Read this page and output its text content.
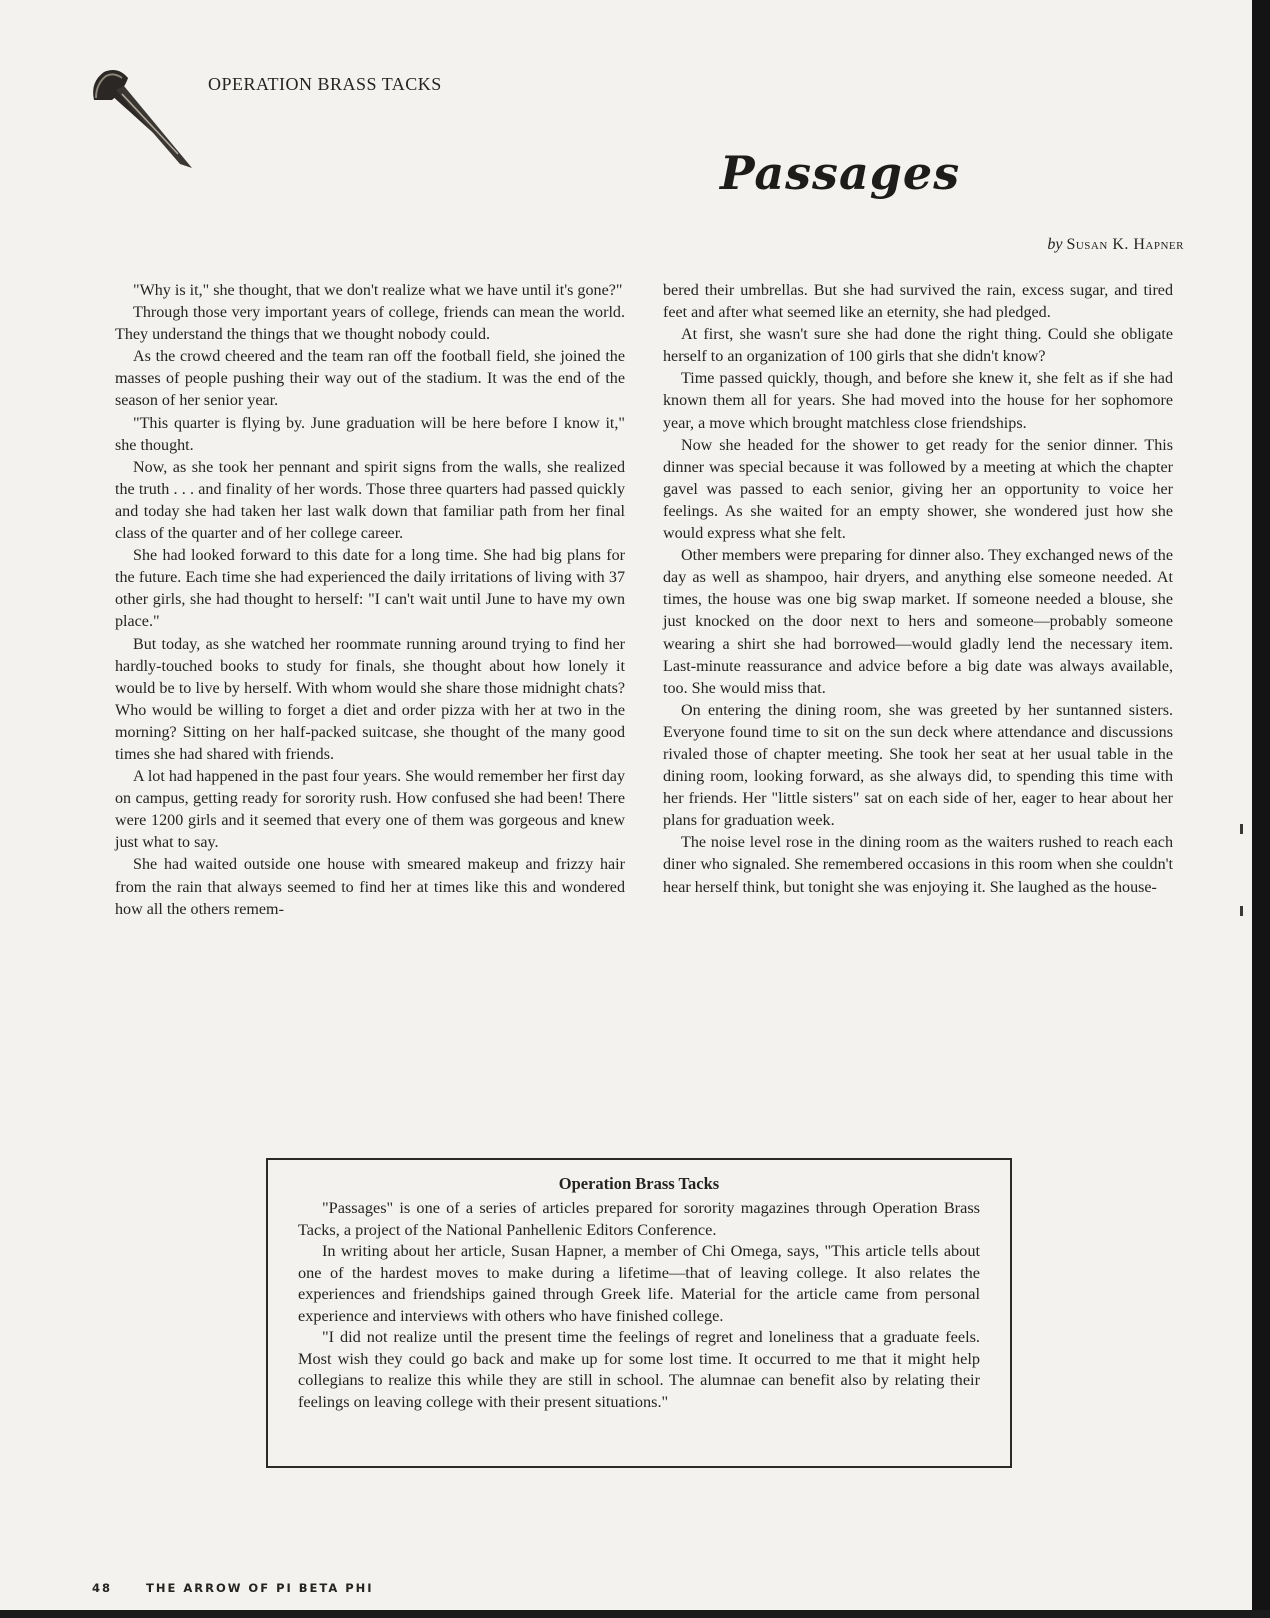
OPERATION BRASS TACKS
Passages
by Susan K. Hapner

"Why is it," she thought, that we don't realize what we have until it's gone?"

Through those very important years of college, friends can mean the world. They understand the things that we thought nobody could.

As the crowd cheered and the team ran off the football field, she joined the masses of people pushing their way out of the stadium. It was the end of the season of her senior year.

"This quarter is flying by. June graduation will be here before I know it," she thought.

Now, as she took her pennant and spirit signs from the walls, she realized the truth . . . and finality of her words. Those three quarters had passed quickly and today she had taken her last walk down that familiar path from her final class of the quarter and of her college career.

She had looked forward to this date for a long time. She had big plans for the future. Each time she had experienced the daily irritations of living with 37 other girls, she had thought to herself: "I can't wait until June to have my own place."

But today, as she watched her roommate running around trying to find her hardly-touched books to study for finals, she thought about how lonely it would be to live by herself. With whom would she share those midnight chats? Who would be willing to forget a diet and order pizza with her at two in the morning? Sitting on her half-packed suitcase, she thought of the many good times she had shared with friends.

A lot had happened in the past four years. She would remember her first day on campus, getting ready for sorority rush. How confused she had been! There were 1200 girls and it seemed that every one of them was gorgeous and knew just what to say.

She had waited outside one house with smeared makeup and frizzy hair from the rain that always seemed to find her at times like this and wondered how all the others remem-

bered their umbrellas. But she had survived the rain, excess sugar, and tired feet and after what seemed like an eternity, she had pledged.

At first, she wasn't sure she had done the right thing. Could she obligate herself to an organization of 100 girls that she didn't know?

Time passed quickly, though, and before she knew it, she felt as if she had known them all for years. She had moved into the house for her sophomore year, a move which brought matchless close friendships.

Now she headed for the shower to get ready for the senior dinner. This dinner was special because it was followed by a meeting at which the chapter gavel was passed to each senior, giving her an opportunity to voice her feelings. As she waited for an empty shower, she wondered just how she would express what she felt.

Other members were preparing for dinner also. They exchanged news of the day as well as shampoo, hair dryers, and anything else someone needed. At times, the house was one big swap market. If someone needed a blouse, she just knocked on the door next to hers and someone—probably someone wearing a shirt she had borrowed—would gladly lend the necessary item. Last-minute reassurance and advice before a big date was always available, too. She would miss that.

On entering the dining room, she was greeted by her suntanned sisters. Everyone found time to sit on the sun deck where attendance and discussions rivaled those of chapter meeting. She took her seat at her usual table in the dining room, looking forward, as she always did, to spending this time with her friends. Her "little sisters" sat on each side of her, eager to hear about her plans for graduation week.

The noise level rose in the dining room as the waiters rushed to reach each diner who signaled. She remembered occasions in this room when she couldn't hear herself think, but tonight she was enjoying it. She laughed as the house-

Operation Brass Tacks

"Passages" is one of a series of articles prepared for sorority magazines through Operation Brass Tacks, a project of the National Panhellenic Editors Conference.

In writing about her article, Susan Hapner, a member of Chi Omega, says, "This article tells about one of the hardest moves to make during a lifetime—that of leaving college. It also relates the experiences and friendships gained through Greek life. Material for the article came from personal experience and interviews with others who have finished college.

"I did not realize until the present time the feelings of regret and loneliness that a graduate feels. Most wish they could go back and make up for some lost time. It occurred to me that it might help collegians to realize this while they are still in school. The alumnae can benefit also by relating their feelings on leaving college with their present situations."

48	THE ARROW OF PI BETA PHI
